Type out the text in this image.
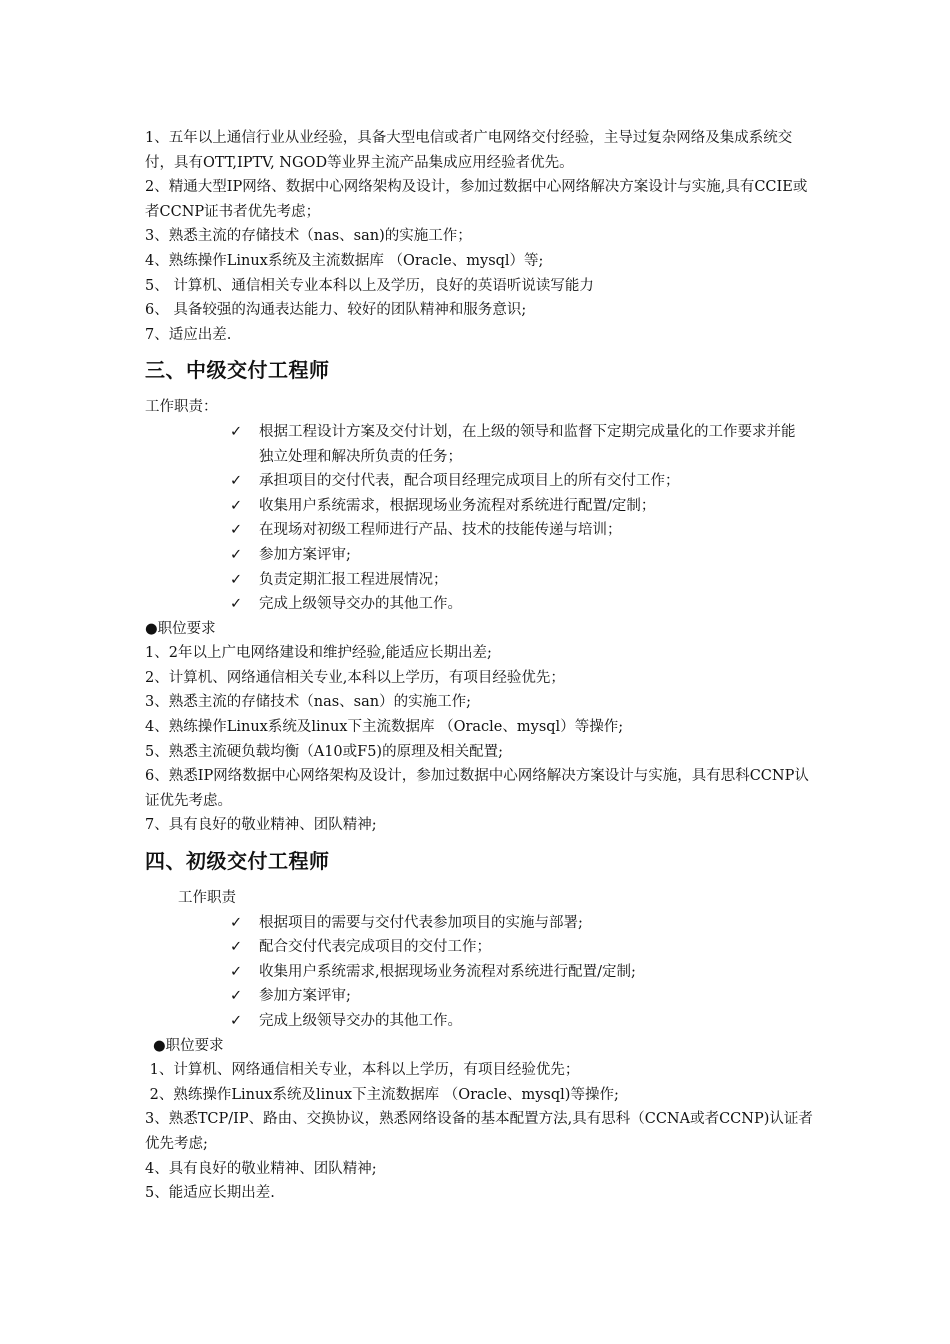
1、五年以上通信行业从业经验，具备大型电信或者广电网络交付经验，主导过复杂网络及集成系统交付，具有OTT,IPTV, NGOD等业界主流产品集成应用经验者优先。
2、精通大型IP网络、数据中心网络架构及设计，参加过数据中心网络解决方案设计与实施,具有CCIE或者CCNP证书者优先考虑；
3、熟悉主流的存储技术（nas、san)的实施工作；
4、熟练操作Linux系统及主流数据库 （Oracle、mysql）等;
5、 计算机、通信相关专业本科以上及学历，良好的英语听说读写能力
6、 具备较强的沟通表达能力、较好的团队精神和服务意识;
7、适应出差.
三、中级交付工程师
工作职责：
✓	根据工程设计方案及交付计划，在上级的领导和监督下定期完成量化的工作要求并能独立处理和解决所负责的任务；
✓	承担项目的交付代表，配合项目经理完成项目上的所有交付工作；
✓	收集用户系统需求，根据现场业务流程对系统进行配置/定制；
✓	在现场对初级工程师进行产品、技术的技能传递与培训；
✓	参加方案评审;
✓	负责定期汇报工程进展情况；
✓	完成上级领导交办的其他工作。
●职位要求
1、2年以上广电网络建设和维护经验,能适应长期出差;
2、计算机、网络通信相关专业,本科以上学历，有项目经验优先；
3、熟悉主流的存储技术（nas、san）的实施工作;
4、熟练操作Linux系统及linux下主流数据库 （Oracle、mysql）等操作;
5、熟悉主流硬负载均衡（A10或F5)的原理及相关配置;
6、熟悉IP网络数据中心网络架构及设计，参加过数据中心网络解决方案设计与实施，具有思科CCNP认证优先考虑。
7、具有良好的敬业精神、团队精神;
四、初级交付工程师
工作职责
✓	根据项目的需要与交付代表参加项目的实施与部署;
✓	配合交付代表完成项目的交付工作；
✓	收集用户系统需求,根据现场业务流程对系统进行配置/定制;
✓	参加方案评审;
✓	完成上级领导交办的其他工作。
●职位要求
1、计算机、网络通信相关专业，本科以上学历，有项目经验优先；
2、熟练操作Linux系统及linux下主流数据库 （Oracle、mysql)等操作;
3、熟悉TCP/IP、路由、交换协议，熟悉网络设备的基本配置方法,具有思科（CCNA或者CCNP)认证者优先考虑;
4、具有良好的敬业精神、团队精神;
5、能适应长期出差.
